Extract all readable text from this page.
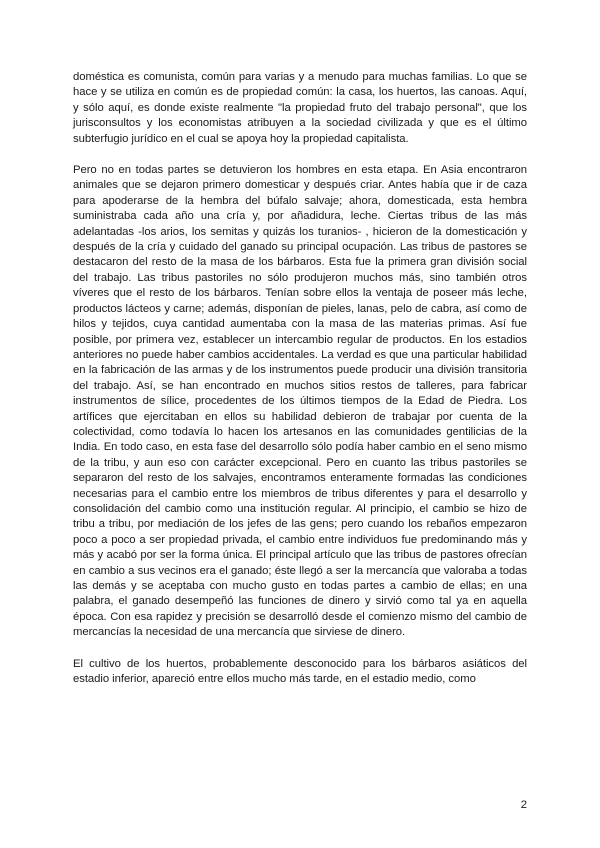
doméstica es comunista, común para varias y a menudo para muchas familias. Lo que se hace y se utiliza en común es de propiedad común: la casa, los huertos, las canoas. Aquí, y sólo aquí, es donde existe realmente "la propiedad fruto del trabajo personal", que los jurisconsultos y los economistas atribuyen a la sociedad civilizada y que es el último subterfugio jurídico en el cual se apoya hoy la propiedad capitalista.

Pero no en todas partes se detuvieron los hombres en esta etapa. En Asia encontraron animales que se dejaron primero domesticar y después criar. Antes había que ir de caza para apoderarse de la hembra del búfalo salvaje; ahora, domesticada, esta hembra suministraba cada año una cría y, por añadidura, leche. Ciertas tribus de las más adelantadas -los arios, los semitas y quizás los turanios- , hicieron de la domesticación y después de la cría y cuidado del ganado su principal ocupación. Las tribus de pastores se destacaron del resto de la masa de los bárbaros. Esta fue la primera gran división social del trabajo. Las tribus pastoriles no sólo produjeron muchos más, sino también otros víveres que el resto de los bárbaros. Tenían sobre ellos la ventaja de poseer más leche, productos lácteos y carne; además, disponían de pieles, lanas, pelo de cabra, así como de hilos y tejidos, cuya cantidad aumentaba con la masa de las materias primas. Así fue posible, por primera vez, establecer un intercambio regular de productos. En los estadios anteriores no puede haber cambios accidentales. La verdad es que una particular habilidad en la fabricación de las armas y de los instrumentos puede producir una división transitoria del trabajo. Así, se han encontrado en muchos sitios restos de talleres, para fabricar instrumentos de sílice, procedentes de los últimos tiempos de la Edad de Piedra. Los artífices que ejercitaban en ellos su habilidad debieron de trabajar por cuenta de la colectividad, como todavía lo hacen los artesanos en las comunidades gentilicias de la India. En todo caso, en esta fase del desarrollo sólo podía haber cambio en el seno mismo de la tribu, y aun eso con carácter excepcional. Pero en cuanto las tribus pastoriles se separaron del resto de los salvajes, encontramos enteramente formadas las condiciones necesarias para el cambio entre los miembros de tribus diferentes y para el desarrollo y consolidación del cambio como una institución regular. Al principio, el cambio se hizo de tribu a tribu, por mediación de los jefes de las gens; pero cuando los rebaños empezaron poco a poco a ser propiedad privada, el cambio entre individuos fue predominando más y más y acabó por ser la forma única. El principal artículo que las tribus de pastores ofrecían en cambio a sus vecinos era el ganado; éste llegó a ser la mercancía que valoraba a todas las demás y se aceptaba con mucho gusto en todas partes a cambio de ellas; en una palabra, el ganado desempeñó las funciones de dinero y sirvió como tal ya en aquella época. Con esa rapidez y precisión se desarrolló desde el comienzo mismo del cambio de mercancías la necesidad de una mercancía que sirviese de dinero.

El cultivo de los huertos, probablemente desconocido para los bárbaros asiáticos del estadio inferior, apareció entre ellos mucho más tarde, en el estadio medio, como

2
